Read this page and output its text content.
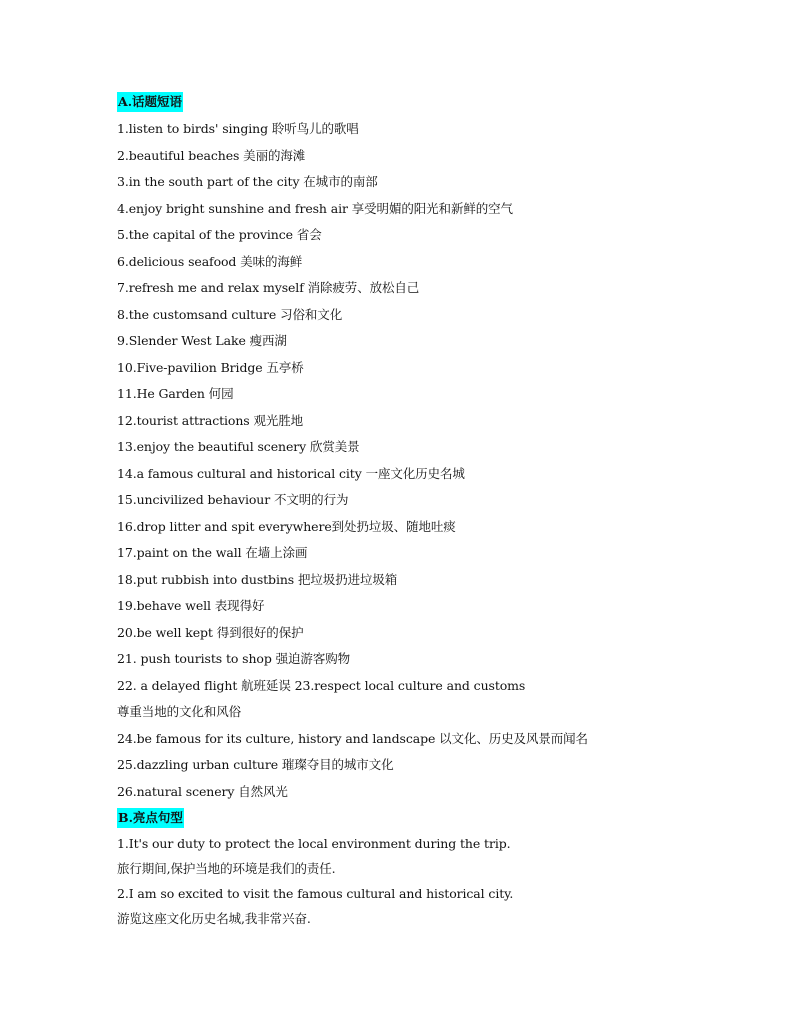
A.话题短语
1.listen to birds' singing 聆听鸟儿的歌唱
2.beautiful beaches 美丽的海滩
3.in the south part of the city 在城市的南部
4.enjoy bright sunshine and fresh air 享受明媚的阳光和新鲜的空气
5.the capital of the province 省会
6.delicious seafood 美味的海鲜
7.refresh me and relax myself 消除疲劳、放松自己
8.the customsand culture 习俗和文化
9.Slender West Lake 瘦西湖
10.Five-pavilion Bridge 五亭桥
11.He Garden 何园
12.tourist attractions 观光胜地
13.enjoy the beautiful scenery 欣赏美景
14.a famous cultural and historical city 一座文化历史名城
15.uncivilized behaviour 不文明的行为
16.drop litter and spit everywhere到处扔垃圾、随地吐痰
17.paint on the wall 在墙上涂画
18.put rubbish into dustbins 把垃圾扔进垃圾箱
19.behave well 表现得好
20.be well kept 得到很好的保护
21. push tourists to shop 强迫游客购物
22. a delayed flight 航班延误 23.respect local culture and customs
尊重当地的文化和风俗
24.be famous for its culture, history and landscape 以文化、历史及风景而闻名
25.dazzling urban culture 璀璨夺目的城市文化
26.natural scenery 自然风光
B.亮点句型
1.It's our duty to protect the local environment during the trip.
旅行期间,保护当地的环境是我们的责任.
2.I am so excited to visit the famous cultural and historical city.
游览这座文化历史名城,我非常兴奋.
